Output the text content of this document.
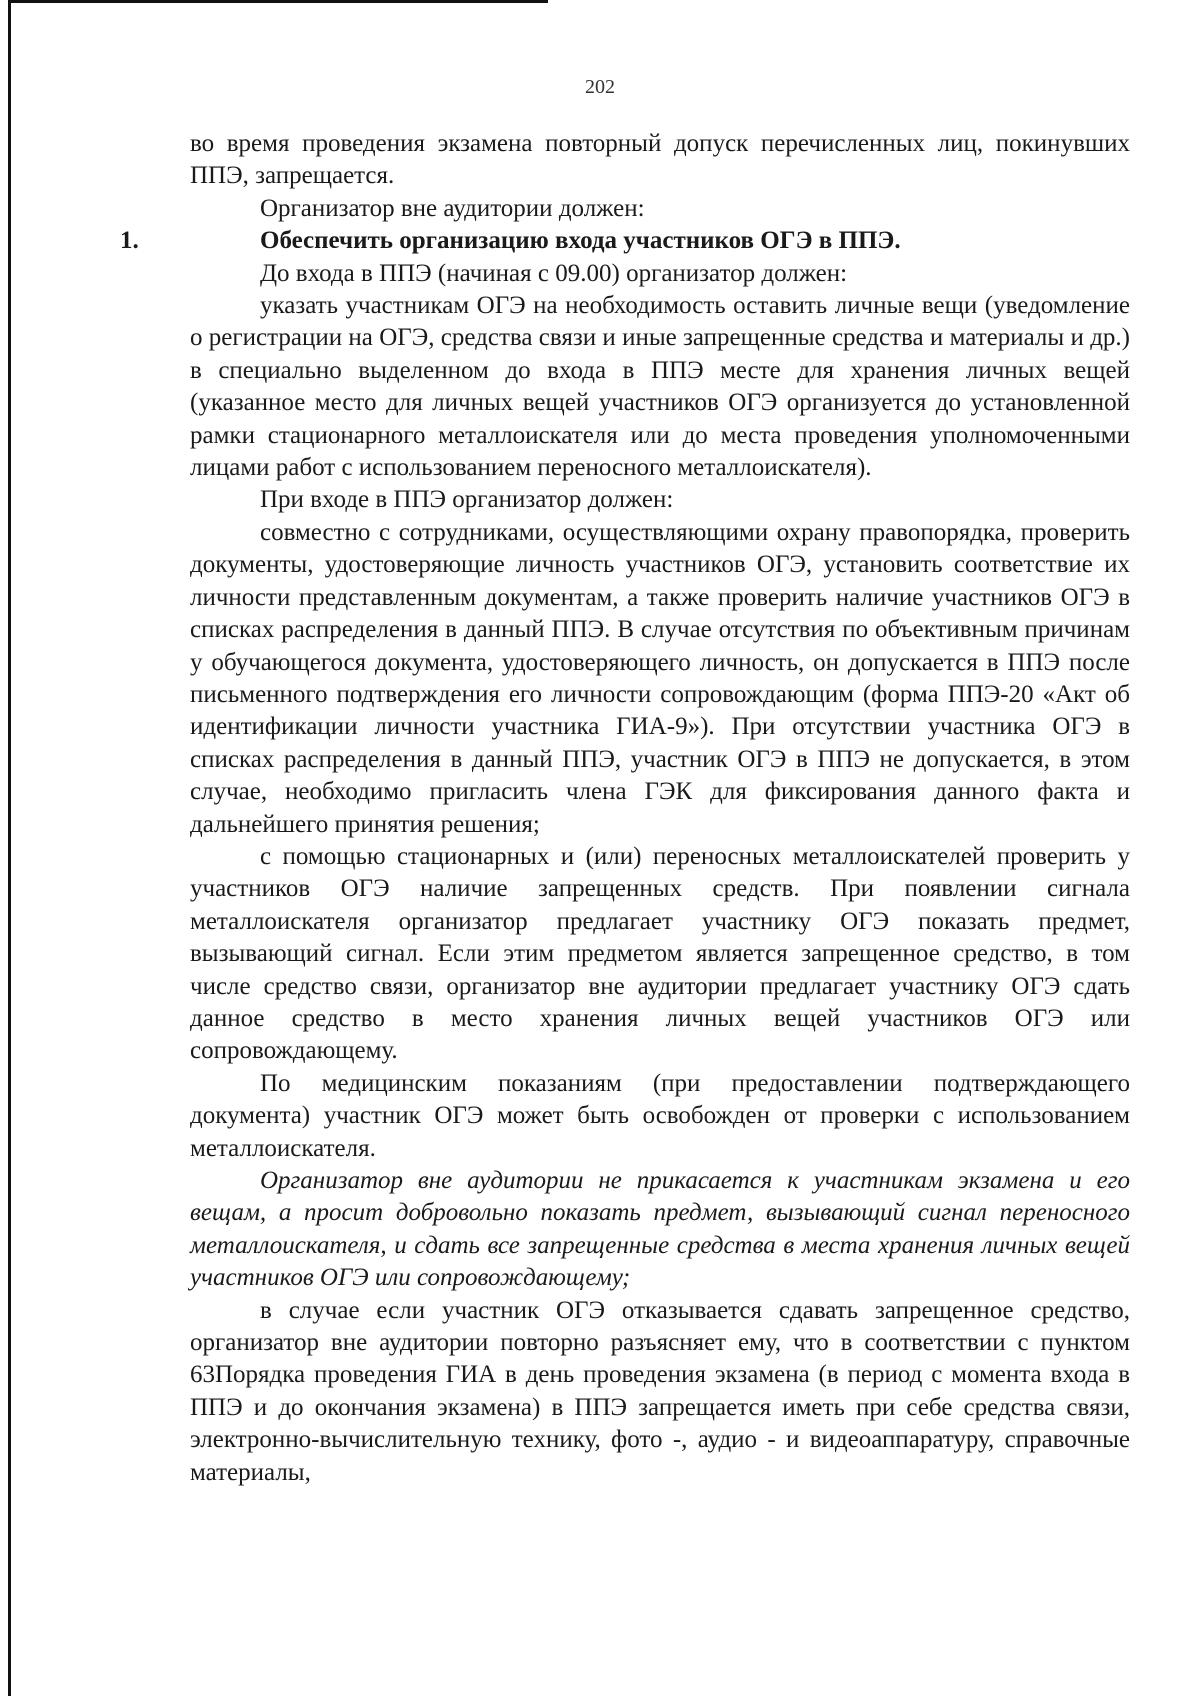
202

во время проведения экзамена повторный допуск перечисленных лиц, покинувших ППЭ, запрещается.

Организатор вне аудитории должен:

1.	Обеспечить организацию входа участников ОГЭ в ППЭ.

До входа в ППЭ (начиная с 09.00) организатор должен:

указать участникам ОГЭ на необходимость оставить личные вещи (уведомление о регистрации на ОГЭ, средства связи и иные запрещенные средства и материалы и др.) в специально выделенном до входа в ППЭ месте для хранения личных вещей (указанное место для личных вещей участников ОГЭ организуется до установленной рамки стационарного металлоискателя или до места проведения уполномоченными лицами работ с использованием переносного металлоискателя).

При входе в ППЭ организатор должен:

совместно с сотрудниками, осуществляющими охрану правопорядка, проверить документы, удостоверяющие личность участников ОГЭ, установить соответствие их личности представленным документам, а также проверить наличие участников ОГЭ в списках распределения в данный ППЭ. В случае отсутствия по объективным причинам у обучающегося документа, удостоверяющего личность, он допускается в ППЭ после письменного подтверждения его личности сопровождающим (форма ППЭ-20 «Акт об идентификации личности участника ГИА-9»). При отсутствии участника ОГЭ в списках распределения в данный ППЭ, участник ОГЭ в ППЭ не допускается, в этом случае, необходимо пригласить члена ГЭК для фиксирования данного факта и дальнейшего принятия решения;

с помощью стационарных и (или) переносных металлоискателей проверить у участников ОГЭ наличие запрещенных средств. При появлении сигнала металлоискателя организатор предлагает участнику ОГЭ показать предмет, вызывающий сигнал. Если этим предметом является запрещенное средство, в том числе средство связи, организатор вне аудитории предлагает участнику ОГЭ сдать данное средство в место хранения личных вещей участников ОГЭ или сопровождающему.

По медицинским показаниям (при предоставлении подтверждающего документа) участник ОГЭ может быть освобожден от проверки с использованием металлоискателя.

Организатор вне аудитории не прикасается к участникам экзамена и его вещам, а просит добровольно показать предмет, вызывающий сигнал переносного металлоискателя, и сдать все запрещенные средства в места хранения личных вещей участников ОГЭ или сопровождающему;

в случае если участник ОГЭ отказывается сдавать запрещенное средство, организатор вне аудитории повторно разъясняет ему, что в соответствии с пунктом 63Порядка проведения ГИА в день проведения экзамена (в период с момента входа в ППЭ и до окончания экзамена) в ППЭ запрещается иметь при себе средства связи, электронно-вычислительную технику, фото -, аудио - и видеоаппаратуру, справочные материалы,
